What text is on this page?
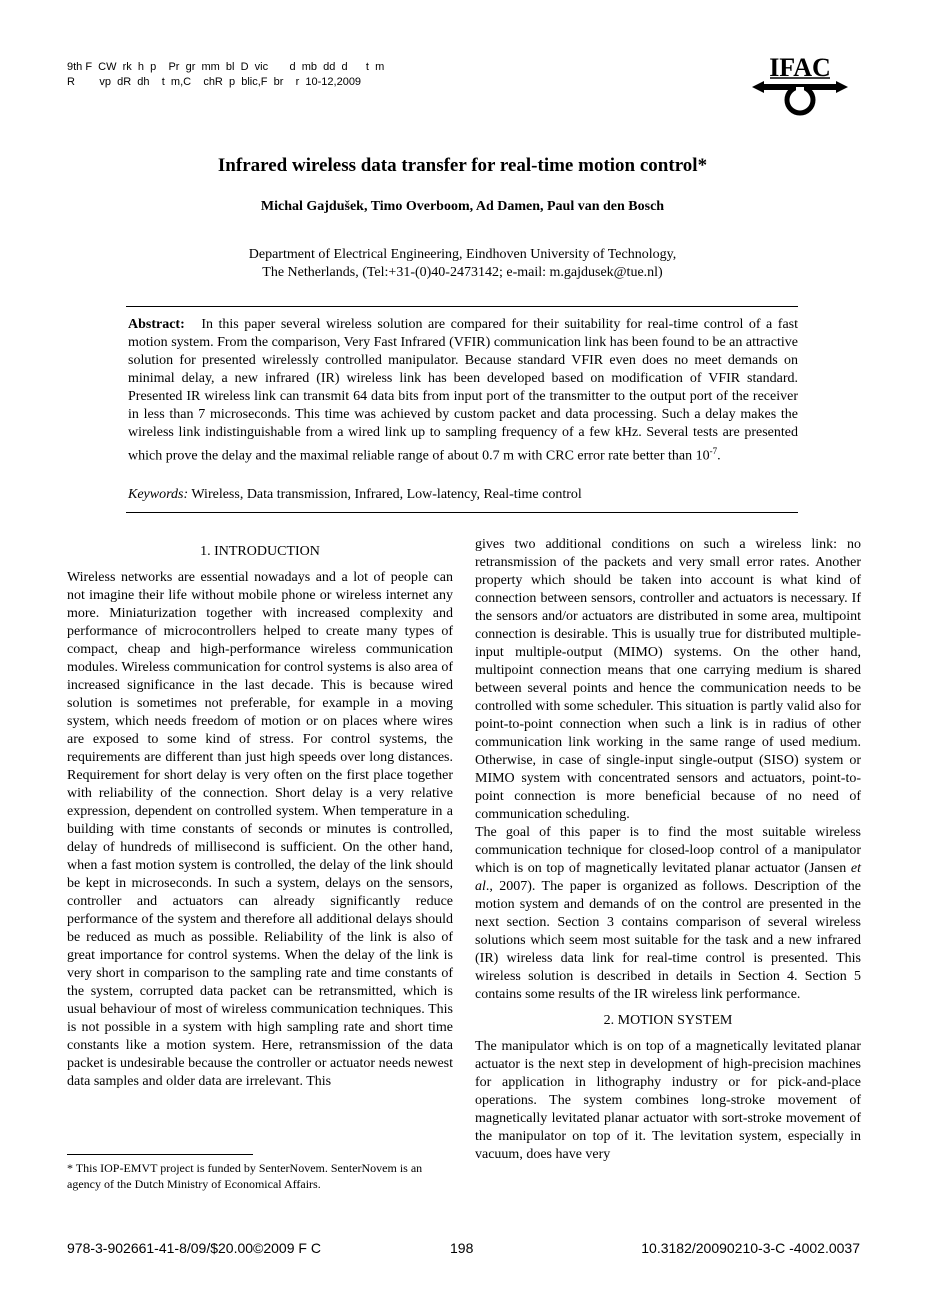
9th F  CW  rk  h  p    Pr  gr  mm  bl  D  vic       d  mb  dd  d      t  m
R        vp  dR  dh    t  m,C    chR  p  blic,F  br    r  10-12,2009	IFAC
Infrared wireless data transfer for real-time motion control*
Michal Gajdušek, Timo Overboom, Ad Damen, Paul van den Bosch
Department of Electrical Engineering, Eindhoven University of Technology,
The Netherlands, (Tel:+31-(0)40-2473142; e-mail: m.gajdusek@tue.nl)
Abstract: In this paper several wireless solution are compared for their suitability for real-time control of a fast motion system. From the comparison, Very Fast Infrared (VFIR) communication link has been found to be an attractive solution for presented wirelessly controlled manipulator. Because standard VFIR even does no meet demands on minimal delay, a new infrared (IR) wireless link has been developed based on modification of VFIR standard. Presented IR wireless link can transmit 64 data bits from input port of the transmitter to the output port of the receiver in less than 7 microseconds. This time was achieved by custom packet and data processing. Such a delay makes the wireless link indistinguishable from a wired link up to sampling frequency of a few kHz. Several tests are presented which prove the delay and the maximal reliable range of about 0.7 m with CRC error rate better than $10^{-7}$.
Keywords: Wireless, Data transmission, Infrared, Low-latency, Real-time control
1. INTRODUCTION

Wireless networks are essential nowadays and a lot of people can not imagine their life without mobile phone or wireless internet any more. Miniaturization together with increased complexity and performance of microcontrollers helped to create many types of compact, cheap and high-performance wireless communication modules. Wireless communication for control systems is also area of increased significance in the last decade. This is because wired solution is sometimes not preferable, for example in a moving system, which needs freedom of motion or on places where wires are exposed to some kind of stress. For control systems, the requirements are different than just high speeds over long distances. Requirement for short delay is very often on the first place together with reliability of the connection. Short delay is a very relative expression, dependent on controlled system. When temperature in a building with time constants of seconds or minutes is controlled, delay of hundreds of millisecond is sufficient. On the other hand, when a fast motion system is controlled, the delay of the link should be kept in microseconds. In such a system, delays on the sensors, controller and actuators can already significantly reduce performance of the system and therefore all additional delays should be reduced as much as possible. Reliability of the link is also of great importance for control systems. When the delay of the link is very short in comparison to the sampling rate and time constants of the system, corrupted data packet can be retransmitted, which is usual behaviour of most of wireless communication techniques. This is not possible in a system with high sampling rate and short time constants like a motion system. Here, retransmission of the data packet is undesirable because the controller or actuator needs newest data samples and older data are irrelevant. This

* This IOP-EMVT project is funded by SenterNovem. SenterNovem is an agency of the Dutch Ministry of Economical Affairs.

gives two additional conditions on such a wireless link: no retransmission of the packets and very small error rates. Another property which should be taken into account is what kind of connection between sensors, controller and actuators is necessary. If the sensors and/or actuators are distributed in some area, multipoint connection is desirable. This is usually true for distributed multiple-input multiple-output (MIMO) systems. On the other hand, multipoint connection means that one carrying medium is shared between several points and hence the communication needs to be controlled with some scheduler. This situation is partly valid also for point-to-point connection when such a link is in radius of other communication link working in the same range of used medium. Otherwise, in case of single-input single-output (SISO) system or MIMO system with concentrated sensors and actuators, point-to-point connection is more beneficial because of no need of communication scheduling.

The goal of this paper is to find the most suitable wireless communication technique for closed-loop control of a manipulator which is on top of magnetically levitated planar actuator (Jansen et al., 2007). The paper is organized as follows. Description of the motion system and demands of on the control are presented in the next section. Section 3 contains comparison of several wireless solutions which seem most suitable for the task and a new infrared (IR) wireless data link for real-time control is presented. This wireless solution is described in details in Section 4. Section 5 contains some results of the IR wireless link performance.

2. MOTION SYSTEM

The manipulator which is on top of a magnetically levitated planar actuator is the next step in development of high-precision machines for application in lithography industry or for pick-and-place operations. The system combines long-stroke movement of magnetically levitated planar actuator with sort-stroke movement of the manipulator on top of it. The levitation system, especially in vacuum, does have very

978-3-902661-41-8/09/$20.00©2009 F C	198	10.3182/20090210-3-C -4002.0037
